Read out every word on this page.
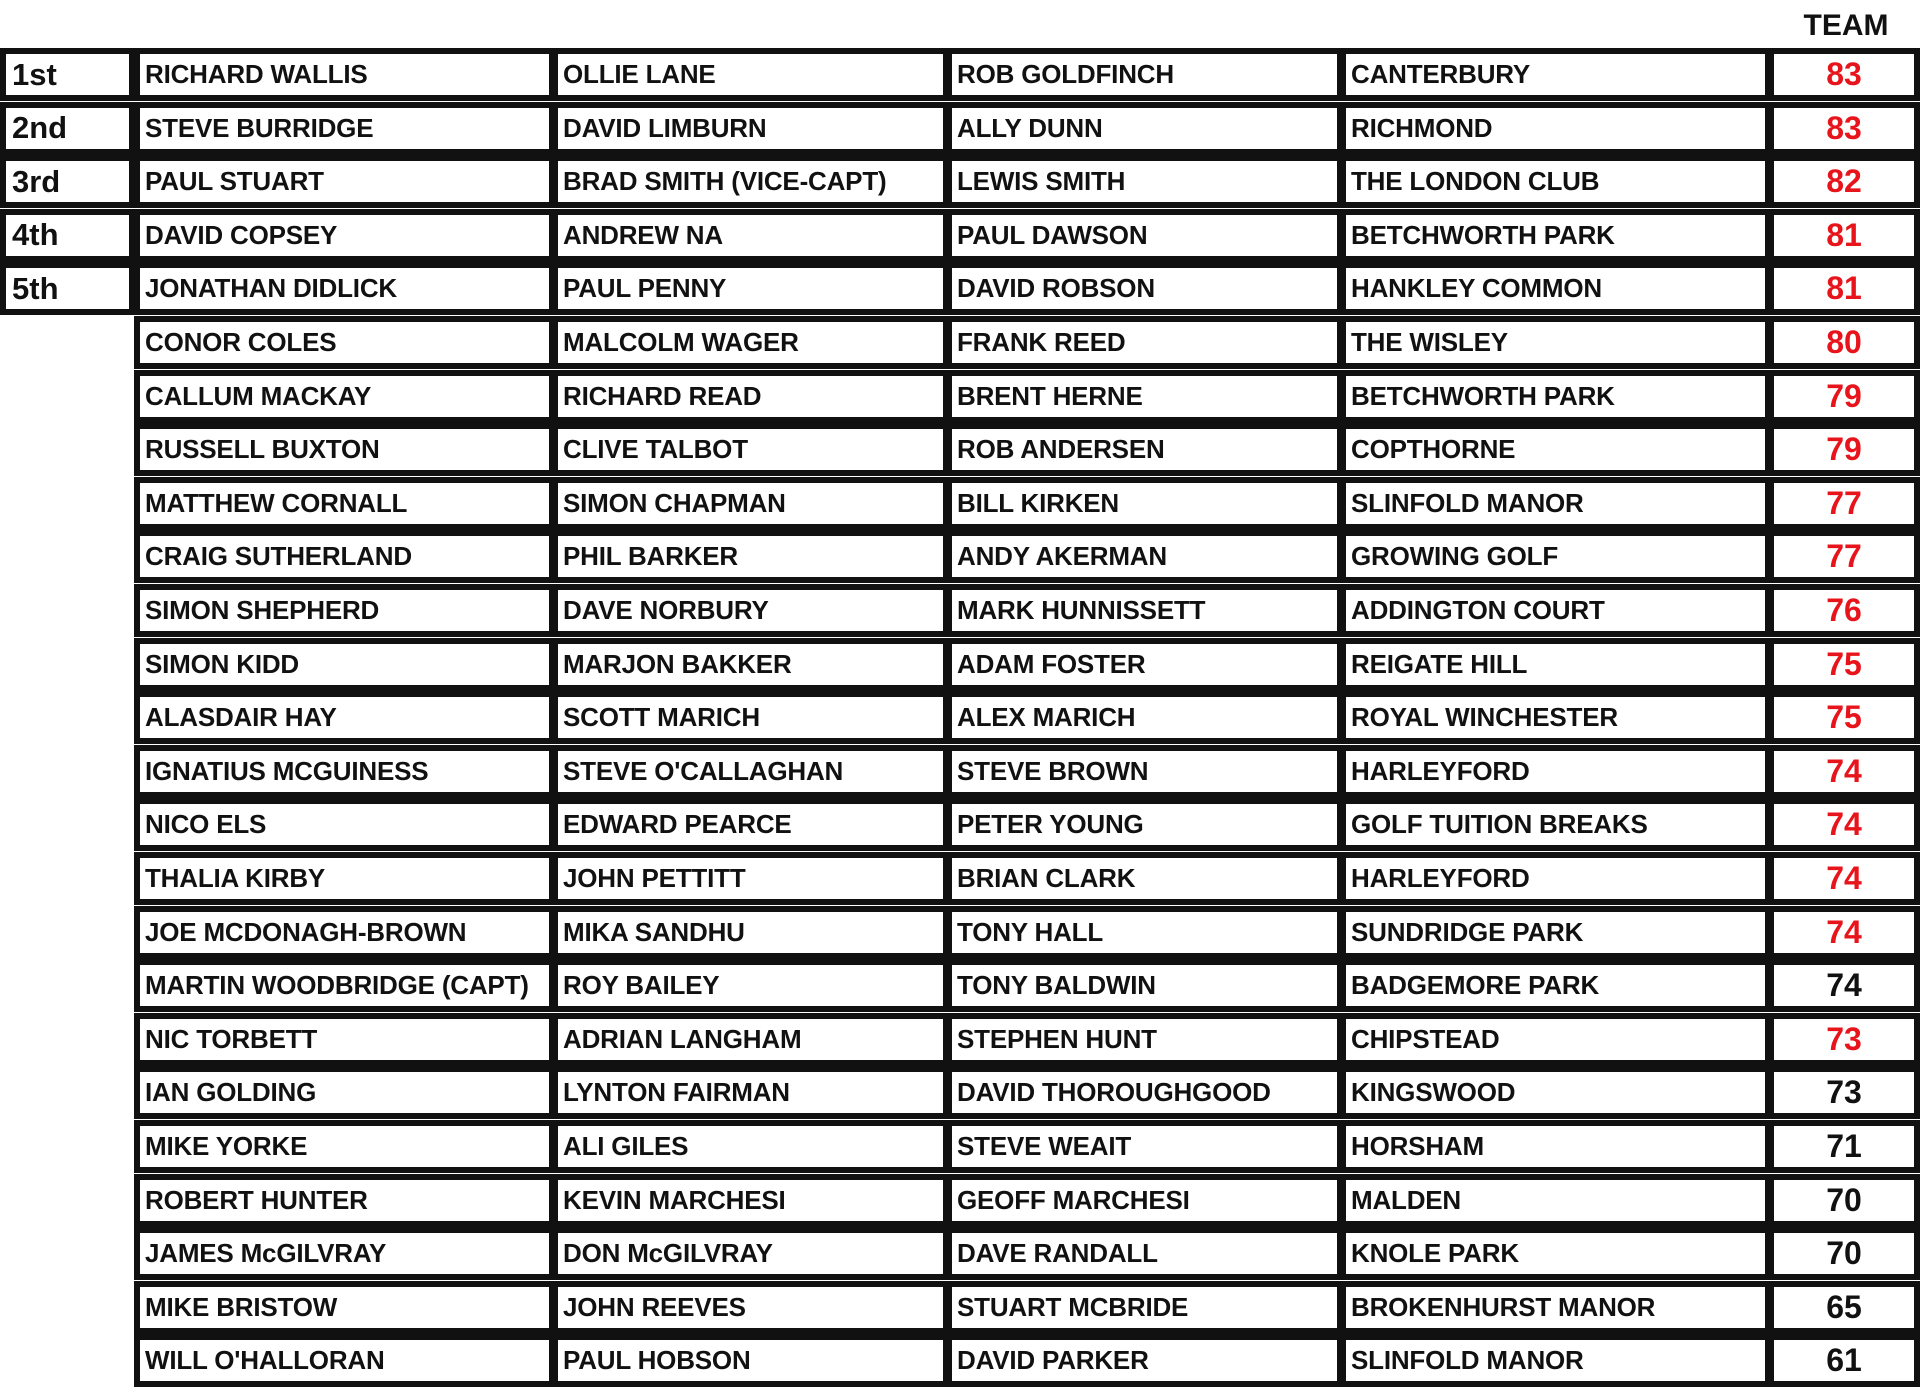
TEAM
1st	RICHARD WALLIS	OLLIE LANE	ROB GOLDFINCH	CANTERBURY	83
2nd	STEVE BURRIDGE	DAVID LIMBURN	ALLY DUNN	RICHMOND	83
3rd	PAUL STUART	BRAD SMITH (VICE-CAPT)	LEWIS SMITH	THE LONDON CLUB	82
4th	DAVID COPSEY	ANDREW NA	PAUL DAWSON	BETCHWORTH PARK	81
5th	JONATHAN DIDLICK	PAUL PENNY	DAVID ROBSON	HANKLEY COMMON	81
CONOR COLES	MALCOLM WAGER	FRANK REED	THE WISLEY	80
CALLUM MACKAY	RICHARD READ	BRENT HERNE	BETCHWORTH PARK	79
RUSSELL BUXTON	CLIVE TALBOT	ROB ANDERSEN	COPTHORNE	79
MATTHEW CORNALL	SIMON CHAPMAN	BILL KIRKEN	SLINFOLD MANOR	77
CRAIG SUTHERLAND	PHIL BARKER	ANDY AKERMAN	GROWING GOLF	77
SIMON SHEPHERD	DAVE NORBURY	MARK HUNNISSETT	ADDINGTON COURT	76
SIMON KIDD	MARJON BAKKER	ADAM FOSTER	REIGATE HILL	75
ALASDAIR HAY	SCOTT MARICH	ALEX MARICH	ROYAL WINCHESTER	75
IGNATIUS MCGUINESS	STEVE O'CALLAGHAN	STEVE BROWN	HARLEYFORD	74
NICO ELS	EDWARD PEARCE	PETER YOUNG	GOLF TUITION BREAKS	74
THALIA KIRBY	JOHN PETTITT	BRIAN CLARK	HARLEYFORD	74
JOE MCDONAGH-BROWN	MIKA SANDHU	TONY HALL	SUNDRIDGE PARK	74
MARTIN WOODBRIDGE (CAPT)	ROY BAILEY	TONY BALDWIN	BADGEMORE PARK	74
NIC TORBETT	ADRIAN LANGHAM	STEPHEN HUNT	CHIPSTEAD	73
IAN GOLDING	LYNTON FAIRMAN	DAVID THOROUGHGOOD	KINGSWOOD	73
MIKE YORKE	ALI GILES	STEVE WEAIT	HORSHAM	71
ROBERT HUNTER	KEVIN MARCHESI	GEOFF MARCHESI	MALDEN	70
JAMES McGILVRAY	DON McGILVRAY	DAVE RANDALL	KNOLE PARK	70
MIKE BRISTOW	JOHN REEVES	STUART MCBRIDE	BROKENHURST MANOR	65
WILL O'HALLORAN	PAUL HOBSON	DAVID PARKER	SLINFOLD MANOR	61
